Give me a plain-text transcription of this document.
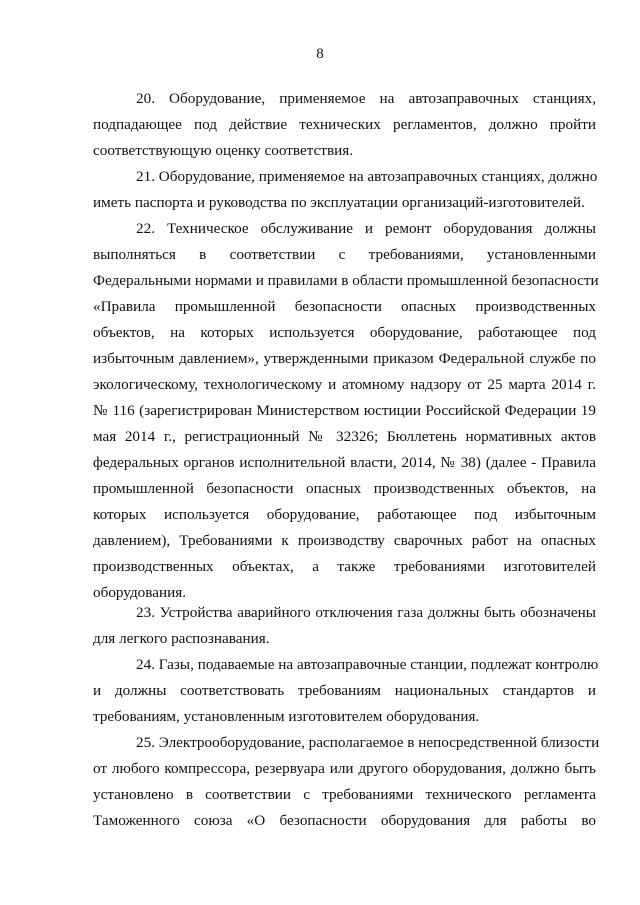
8
20. Оборудование, применяемое на автозаправочных станциях,
подпадающее под действие технических регламентов, должно пройти
соответствующую оценку соответствия.
21. Оборудование, применяемое на автозаправочных станциях, должно
иметь паспорта и руководства по эксплуатации организаций-изготовителей.
22. Техническое обслуживание и ремонт оборудования должны
выполняться в соответствии с требованиями, установленными
Федеральными нормами и правилами в области промышленной безопасности
«Правила промышленной безопасности опасных производственных
объектов, на которых используется оборудование, работающее под
избыточным давлением», утвержденными приказом Федеральной службе по
экологическому, технологическому и атомному надзору от 25 марта 2014 г.
№ 116 (зарегистрирован Министерством юстиции Российской Федерации 19
мая 2014 г., регистрационный № 32326; Бюллетень нормативных актов
федеральных органов исполнительной власти, 2014, № 38) (далее - Правила
промышленной безопасности опасных производственных объектов, на
которых используется оборудование, работающее под избыточным
давлением), Требованиями к производству сварочных работ на опасных
производственных объектах, а также требованиями изготовителей
оборудования.
23. Устройства аварийного отключения газа должны быть обозначены
для легкого распознавания.
24. Газы, подаваемые на автозаправочные станции, подлежат контролю
и должны соответствовать требованиям национальных стандартов и
требованиям, установленным изготовителем оборудования.
25. Электрооборудование, располагаемое в непосредственной близости
от любого компрессора, резервуара или другого оборудования, должно быть
установлено в соответствии с требованиями технического регламента
Таможенного союза «О безопасности оборудования для работы во
